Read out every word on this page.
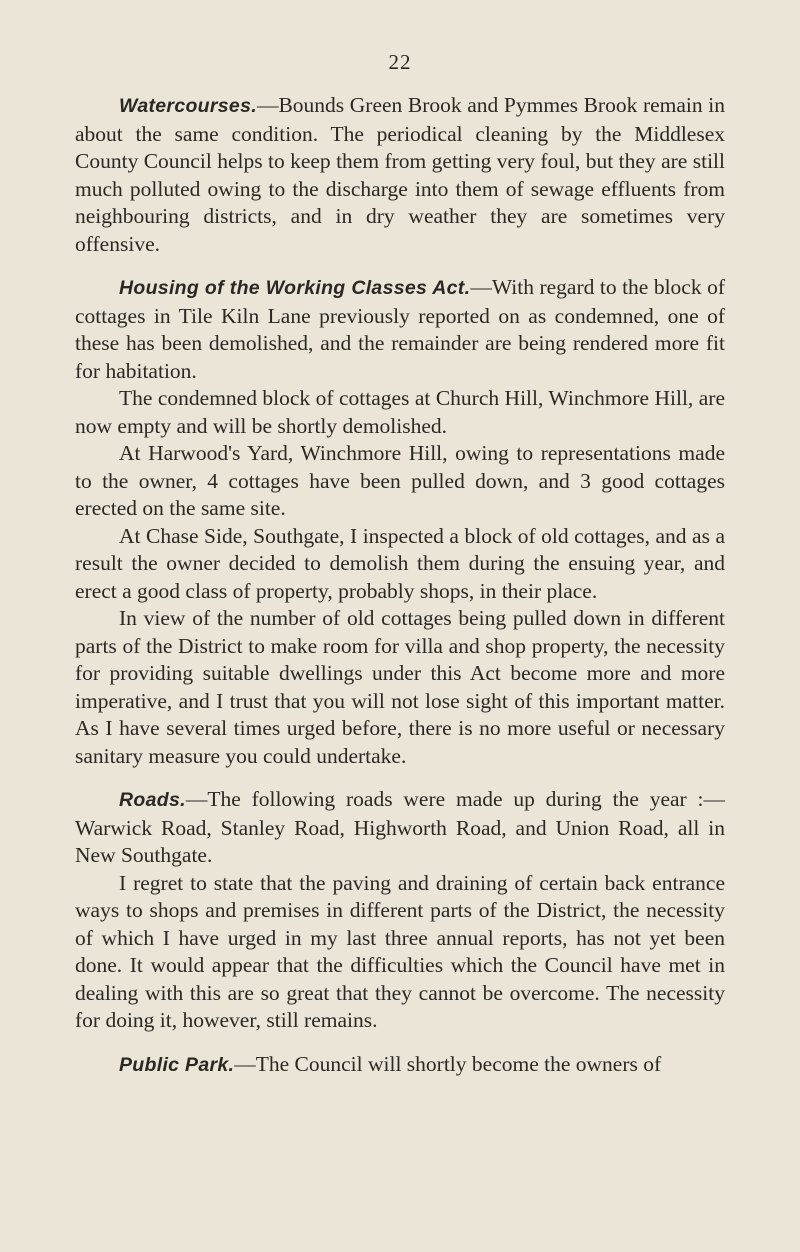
22

Watercourses.—Bounds Green Brook and Pymmes Brook remain in about the same condition. The periodical cleaning by the Middlesex County Council helps to keep them from getting very foul, but they are still much polluted owing to the discharge into them of sewage effluents from neighbouring districts, and in dry weather they are sometimes very offensive.

Housing of the Working Classes Act.—With regard to the block of cottages in Tile Kiln Lane previously reported on as condemned, one of these has been demolished, and the remainder are being rendered more fit for habitation.

The condemned block of cottages at Church Hill, Winchmore Hill, are now empty and will be shortly demolished.

At Harwood's Yard, Winchmore Hill, owing to representations made to the owner, 4 cottages have been pulled down, and 3 good cottages erected on the same site.

At Chase Side, Southgate, I inspected a block of old cottages, and as a result the owner decided to demolish them during the ensuing year, and erect a good class of property, probably shops, in their place.

In view of the number of old cottages being pulled down in different parts of the District to make room for villa and shop property, the necessity for providing suitable dwellings under this Act become more and more imperative, and I trust that you will not lose sight of this important matter. As I have several times urged before, there is no more useful or necessary sanitary measure you could undertake.

Roads.—The following roads were made up during the year :— Warwick Road, Stanley Road, Highworth Road, and Union Road, all in New Southgate.

I regret to state that the paving and draining of certain back entrance ways to shops and premises in different parts of the District, the necessity of which I have urged in my last three annual reports, has not yet been done. It would appear that the difficulties which the Council have met in dealing with this are so great that they cannot be overcome. The necessity for doing it, however, still remains.

Public Park.—The Council will shortly become the owners of
